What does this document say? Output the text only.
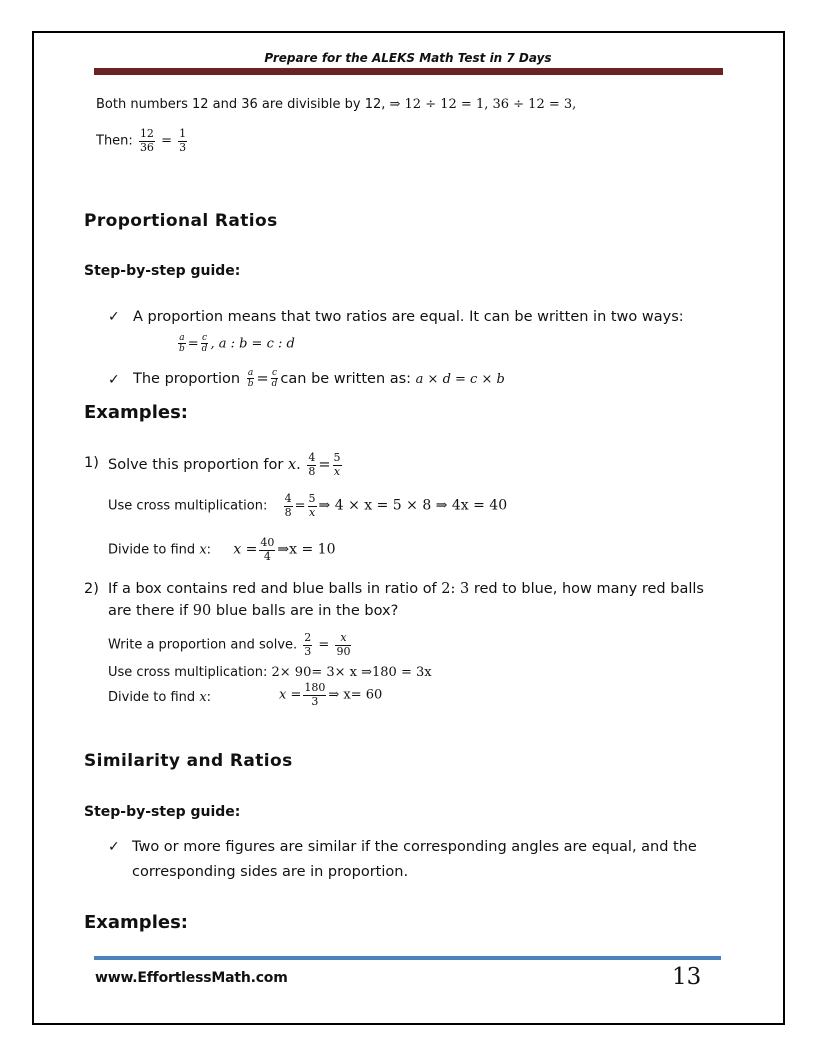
Prepare for the ALEKS Math Test in 7 Days
Both numbers 12 and 36 are divisible by 12, ⇒ 12 ÷ 12 = 1, 36 ÷ 12 = 3,
Then: $\frac{12}{36} = \frac{1}{3}$
Proportional Ratios
Step-by-step guide:
✓ A proportion means that two ratios are equal. It can be written in two ways:
$\frac{a}{b} = \frac{c}{d}$ , a : b = c : d
✓ The proportion $\frac{a}{b} = \frac{c}{d}$ can be written as: a × d = c × b
Examples:
1) Solve this proportion for x. $\frac{4}{8} = \frac{5}{x}$
Use cross multiplication: $\frac{4}{8} = \frac{5}{x}$ ⇒ 4 × x = 5 × 8 ⇒ 4x = 40
Divide to find x: $x = \frac{40}{4}$ ⇒x = 10
2) If a box contains red and blue balls in ratio of 2: 3 red to blue, how many red balls
are there if 90 blue balls are in the box?
Write a proportion and solve. $\frac{2}{3} = \frac{x}{90}$
Use cross multiplication: 2× 90= 3× x ⇒180 = 3x
Divide to find x:	$x = \frac{180}{3}$ ⇒ x= 60
Similarity and Ratios
Step-by-step guide:
✓ Two or more figures are similar if the corresponding angles are equal, and the
corresponding sides are in proportion.
Examples:
www.EffortlessMath.com	13
